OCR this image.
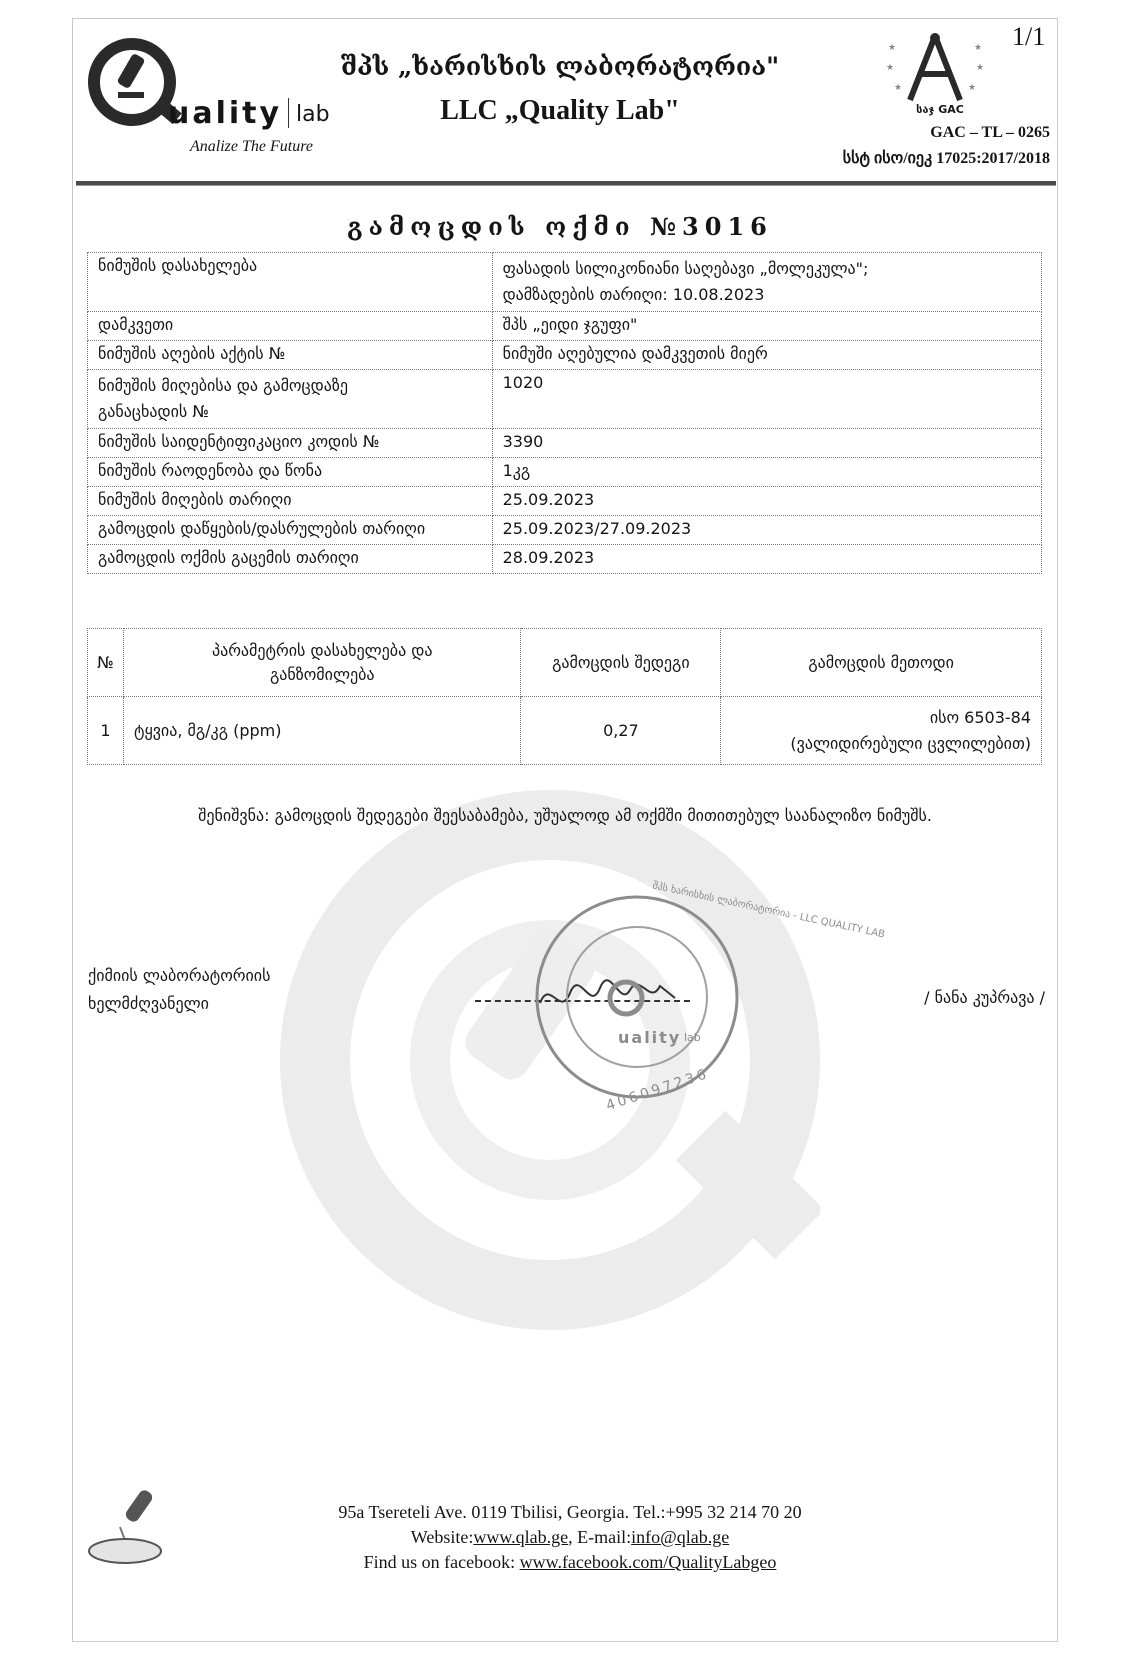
uality lab
Analize The Future
შპს „ხარისხის ლაბორატორია"
LLC „Quality Lab"
1/1
★
★
★
★
★
★
საჯ GAC
GAC – TL – 0265
სსტ ისო/იეკ 17025:2017/2018
გამოცდის ოქმი №3016
ნიმუშის დასახელება	ფასადის სილიკონიანი საღებავი „მოლეკულა";
დამზადების თარიღი: 10.08.2023
დამკვეთი	შპს „ეიდი ჯგუფი"
ნიმუშის აღების აქტის №	ნიმუში აღებულია დამკვეთის მიერ
ნიმუშის მიღებისა და გამოცდაზე
განაცხადის №	1020
ნიმუშის საიდენტიფიკაციო კოდის №	3390
ნიმუშის რაოდენობა და წონა	1კგ
ნიმუშის მიღების თარიღი	25.09.2023
გამოცდის დაწყების/დასრულების თარიღი	25.09.2023/27.09.2023
გამოცდის ოქმის გაცემის თარიღი	28.09.2023
№	პარამეტრის დასახელება და
განზომილება	გამოცდის შედეგი	გამოცდის მეთოდი
1	ტყვია, მგ/კგ (ppm)	0,27	ისო 6503-84
(ვალიდირებული ცვლილებით)
შენიშვნა: გამოცდის შედეგები შეესაბამება, უშუალოდ ამ ოქმში მითითებულ საანალიზო ნიმუშს.
ქიმიის ლაბორატორიის
ხელმძღვანელი
uality lab
შპს ხარისხის ლაბორატორია - LLC QUALITY LAB
406097236
/ ნანა კუპრავა /
95a Tsereteli Ave. 0119 Tbilisi, Georgia. Tel.:+995 32 214 70 20
Website:www.qlab.ge, E-mail:info@qlab.ge
Find us on facebook: www.facebook.com/QualityLabgeo
